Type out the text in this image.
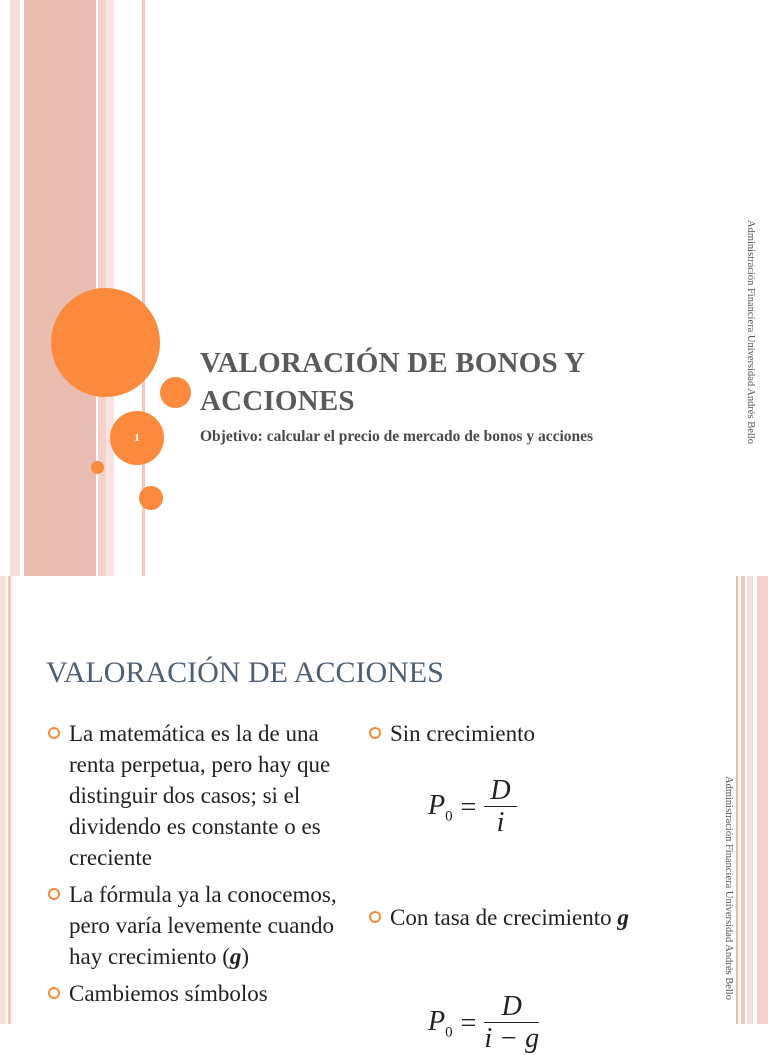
1
VALORACIÓN DE BONOS Y
ACCIONES
Objetivo: calcular el precio de mercado de bonos y acciones	Administración Financiera Universidad Andrés Bello
VALORACIÓN DE ACCIONES
La matemática es la de una renta perpetua, pero hay que distinguir dos casos; si el dividendo es constante o es creciente
La fórmula ya la conocemos, pero varía levemente cuando hay crecimiento (g)
Cambiemos símbolos
Sin crecimiento
$P_0 = \frac{D}{i}$
Con tasa de crecimiento g
$P_0 = \frac{D}{i - g}$
Administración Financiera Universidad Andrés Bello
